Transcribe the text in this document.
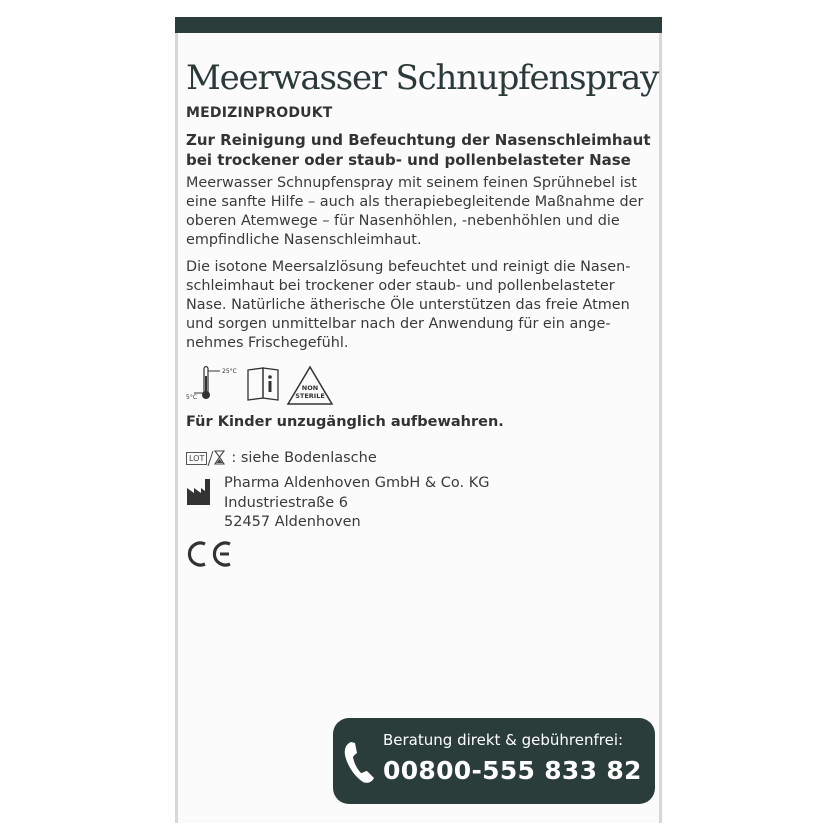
Meerwasser Schnupfenspray
MEDIZINPRODUKT
Zur Reinigung und Befeuchtung der Nasenschleimhaut bei trockener oder staub- und pollenbelasteter Nase
Meerwasser Schnupfenspray mit seinem feinen Sprühnebel ist eine sanfte Hilfe – auch als therapiebegleitende Maßnahme der oberen Atemwege – für Nasenhöhlen, -nebenhöhlen und die empfindliche Nasenschleimhaut.
Die isotone Meersalzlösung befeuchtet und reinigt die Nasenschleimhaut bei trockener oder staub- und pollenbelasteter Nase. Natürliche ätherische Öle unterstützen das freie Atmen und sorgen unmittelbar nach der Anwendung für ein angenehmes Frischegefühl.
25°C
5°C
NON
STERILE
Für Kinder unzugänglich aufbewahren.
LOT : siehe Bodenlasche
Pharma Aldenhoven GmbH & Co. KG
Industriestraße 6
52457 Aldenhoven
Beratung direkt & gebührenfrei:
00800-555 833 82
